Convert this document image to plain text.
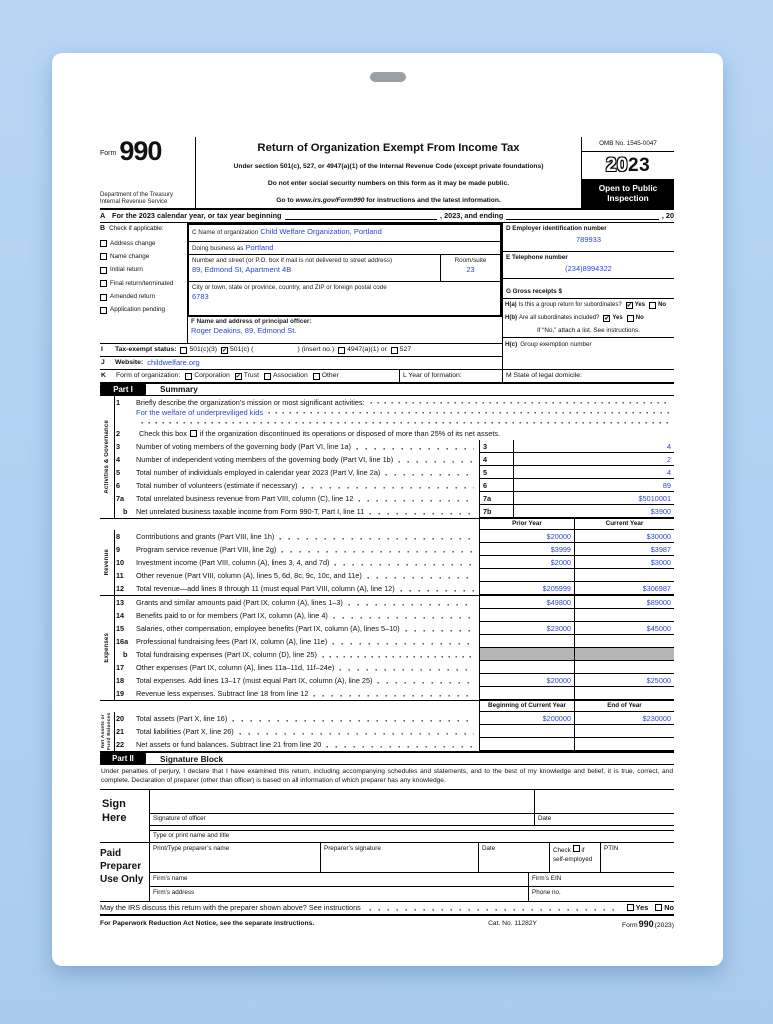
Form 990
Department of the Treasury
Internal Revenue Service
Return of Organization Exempt From Income Tax
Under section 501(c), 527, or 4947(a)(1) of the Internal Revenue Code (except private foundations)
Do not enter social security numbers on this form as it may be made public.
Go to www.irs.gov/Form990 for instructions and the latest information.
OMB No. 1545-0047
20 23
Open to Public
Inspection
A For the 2023 calendar year, or tax year beginning	, 2023, and ending	, 20
B Check if applicable:
Address change
Name change
Initial return
Final return/terminated
Amended return
Application pending
C Name of organization Child Welfare Organization, Portland
Doing business as Portland
Number and street (or P.O. box if mail is not delivered to street address)
89, Edmond St, Apartment 4B
Room/suite
23
City or town, state or province, country, and ZIP or foreign postal code
6783
F Name and address of principal officer:
Roger Deakins, 89, Edmond St.
I	Tax-exempt status: 501(c)(3) ✔ 501(c) (	) (insert no.) 4947(a)(1) or 527
J	Website: childwelfare.org
D Employer identification number
789933
E Telephone number
(234)8994322
G Gross receipts $
H(a) Is this a group return for subordinates? ✔ Yes No
H(b) Are all subordinates included? ✔ Yes No
If “No,” attach a list. See instructions.
H(c) Group exemption number
K	Form of organization: Corporation ✔ Trust Association Other	L Year of formation:	M State of legal domicile:
Part I	Summary
Activities & Governance
1	Briefly describe the organization’s mission or most significant activities:
For the welfare of underpreviliged kids
2	Check this box if the organization discontinued its operations or disposed of more than 25% of its net assets.
3	Number of voting members of the governing body (Part VI, line 1a)	3	4
4	Number of independent voting members of the governing body (Part VI, line 1b)	4	2
5	Total number of individuals employed in calendar year 2023 (Part V, line 2a)	5	4
6	Total number of volunteers (estimate if necessary)	6	89
7a	Total unrelated business revenue from Part VIII, column (C), line 12	7a	$5010001
b	Net unrelated business taxable income from Form 990-T, Part I, line 11	7b	$3900
Prior Year	Current Year
Revenue
8	Contributions and grants (Part VIII, line 1h)	$20000	$30000
9	Program service revenue (Part VIII, line 2g)	$3999	$3987
10	Investment income (Part VIII, column (A), lines 3, 4, and 7d)	$2000	$3000
11	Other revenue (Part VIII, column (A), lines 5, 6d, 8c, 9c, 10c, and 11e)
12	Total revenue—add lines 8 through 11 (must equal Part VIII, column (A), line 12)	$205999	$306987
Expenses
13	Grants and similar amounts paid (Part IX, column (A), lines 1–3)	$49800	$89000
14	Benefits paid to or for members (Part IX, column (A), line 4)
15	Salaries, other compensation, employee benefits (Part IX, column (A), lines 5–10)	$23000	$45000
16a	Professional fundraising fees (Part IX, column (A), line 11e)
b	Total fundraising expenses (Part IX, column (D), line 25)
17	Other expenses (Part IX, column (A), lines 11a–11d, 11f–24e)
18	Total expenses. Add lines 13–17 (must equal Part IX, column (A), line 25)	$20000	$25000
19	Revenue less expenses. Subtract line 18 from line 12
Beginning of Current Year	End of Year
Net Assets or Fund Balances 20	Total assets (Part X, line 16)	$200000	$230000
21	Total liabilities (Part X, line 26)
22	Net assets or fund balances. Subtract line 21 from line 20
Part II	Signature Block
Under penalties of perjury, I declare that I have examined this return, including accompanying schedules and statements, and to the best of my knowledge and belief, it is true, correct, and complete. Declaration of preparer (other than officer) is based on all information of which preparer has any knowledge.
Sign Here	Signature of officer	Date
Type or print name and title
Paid Preparer Use Only
Print/Type preparer’s name	Preparer’s signature	Date	Check if
self-employed
PTIN
Firm’s name	Firm’s EIN
Firm’s address	Phone no.
May the IRS discuss this return with the preparer shown above? See instructions	Yes No
For Paperwork Reduction Act Notice, see the separate instructions.	Cat. No. 11282Y	Form990(2023)
